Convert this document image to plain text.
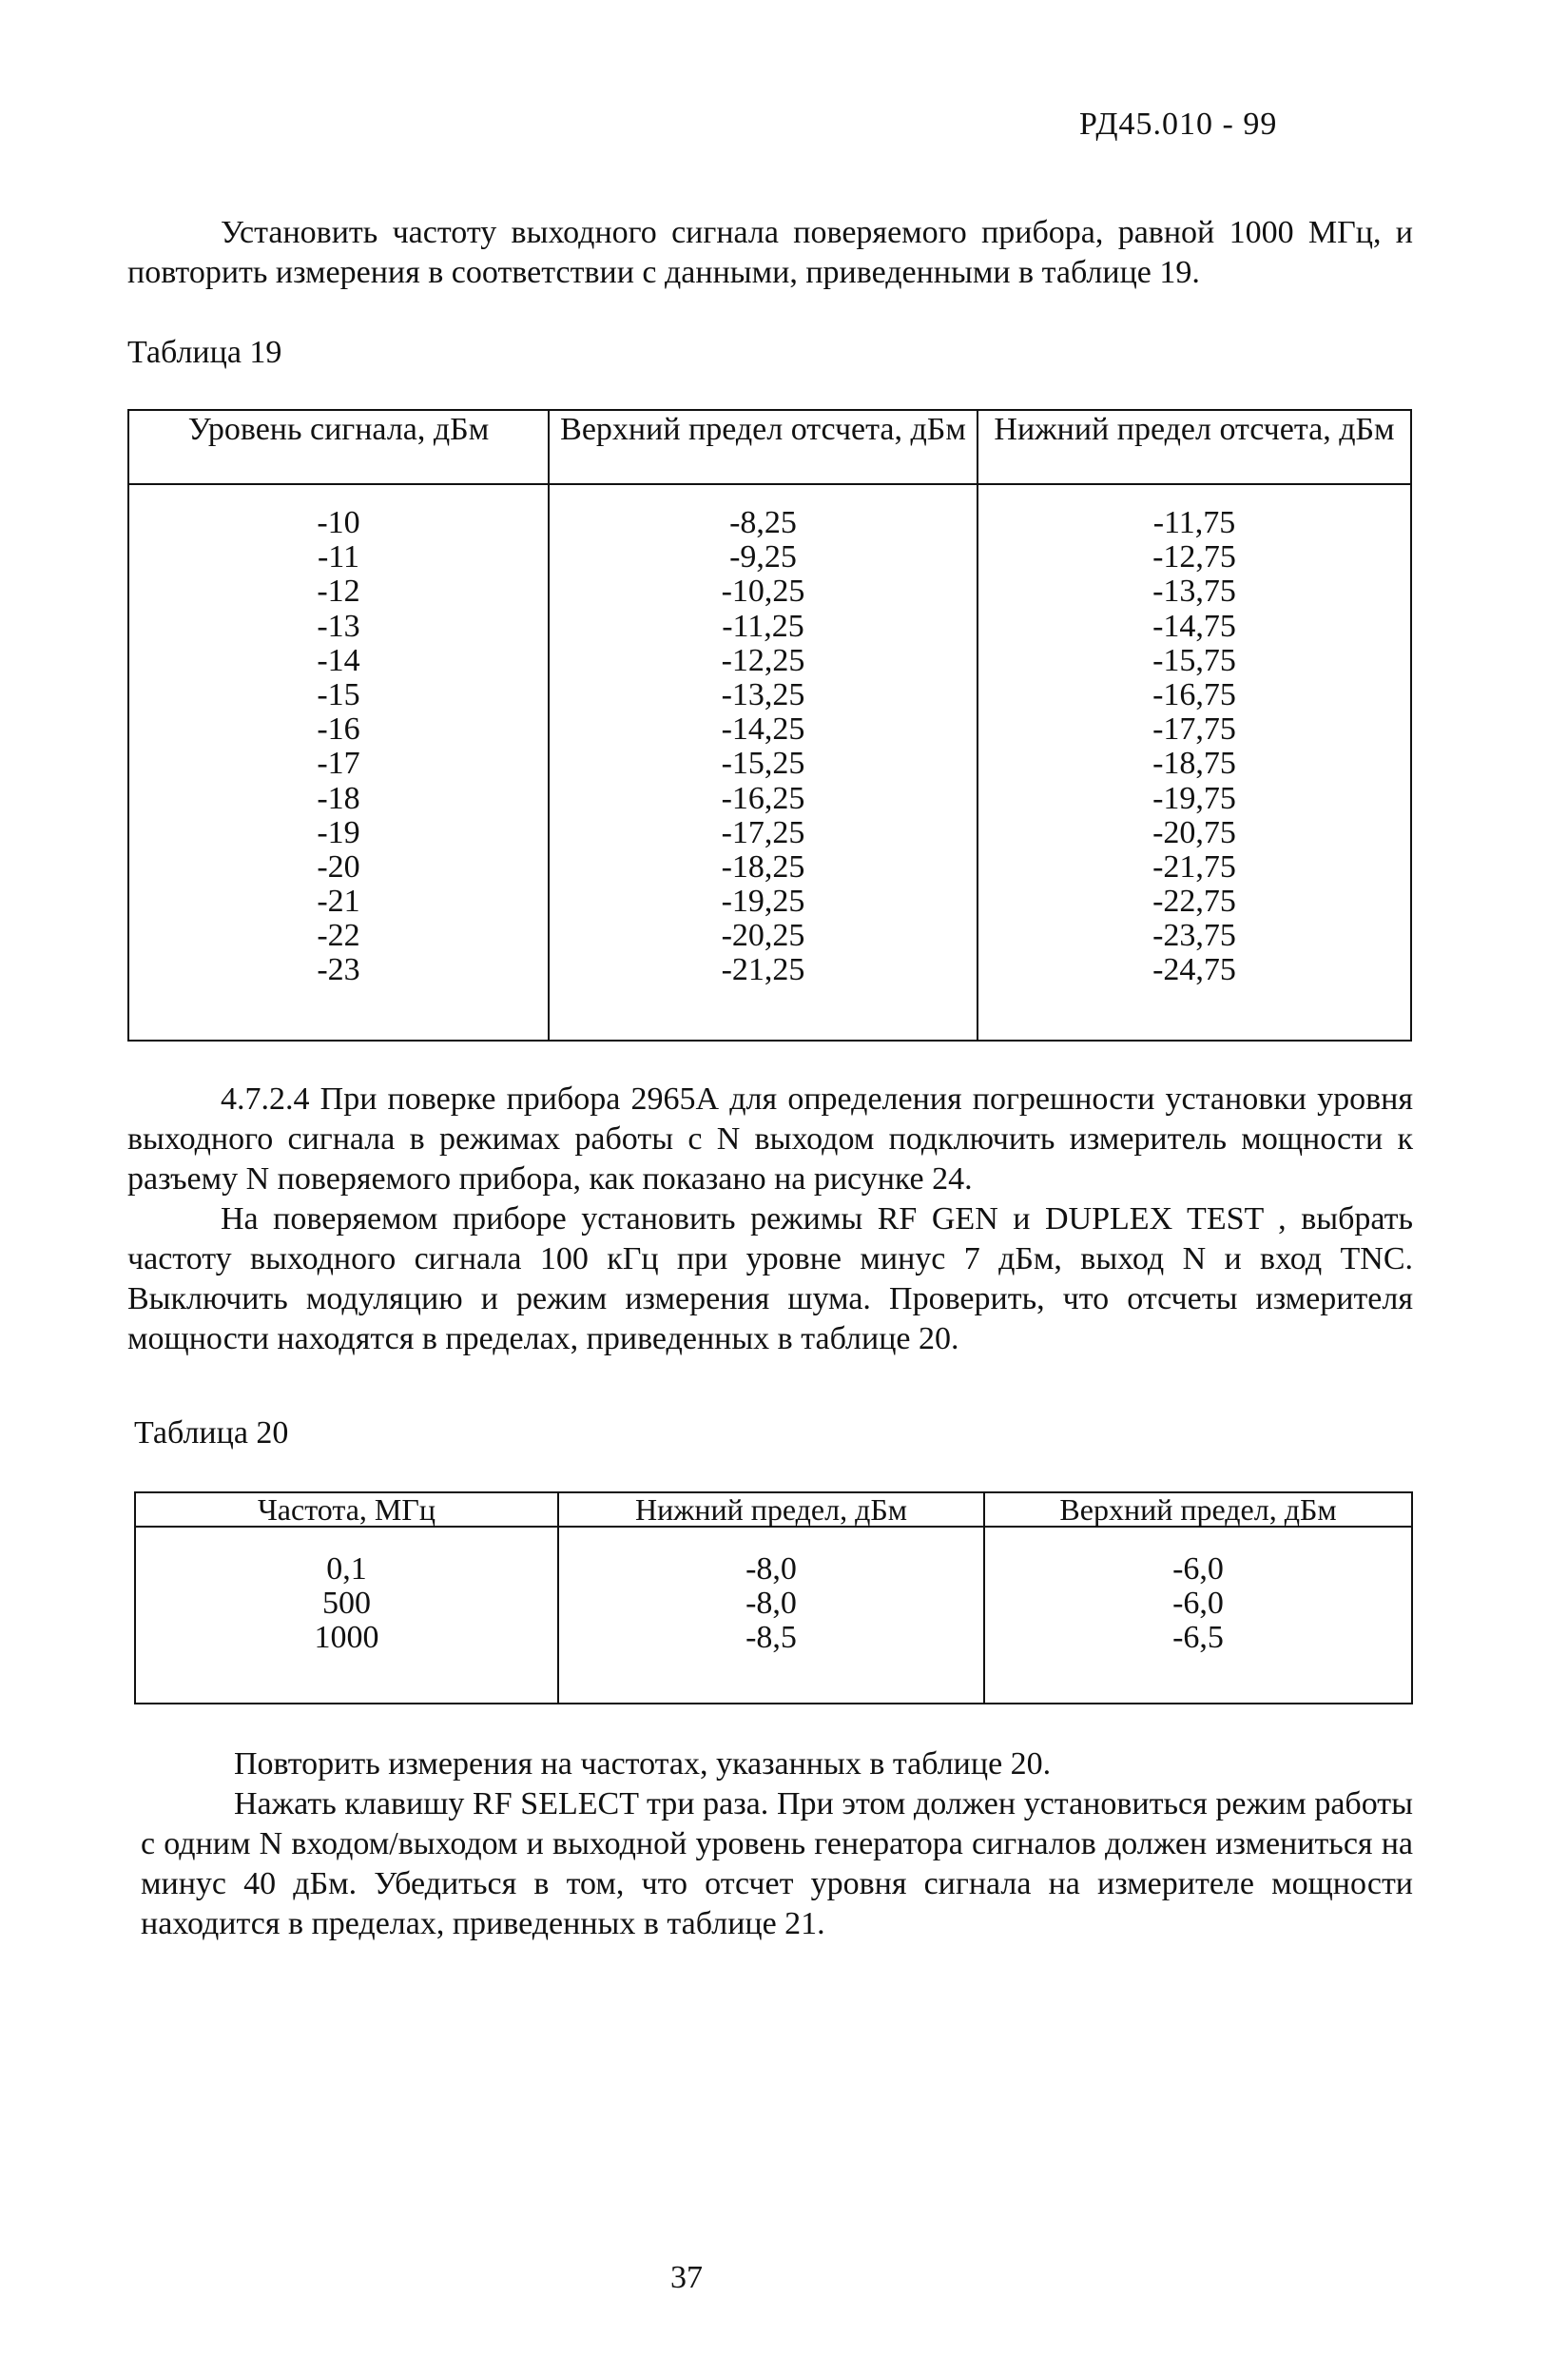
РД45.010 - 99

Установить частоту выходного сигнала поверяемого прибора, равной 1000 МГц, и повторить измерения в соответствии с данными, приведенными в таблице 19.

Таблица 19
Уровень сигнала, дБм
-10
-11
-12
-13
-14
-15
-16
-17
-18
-19
-20
-21
-22
-23
Верхний предел отсчета, дБм
-8,25
-9,25
-10,25
-11,25
-12,25
-13,25
-14,25
-15,25
-16,25
-17,25
-18,25
-19,25
-20,25
-21,25
Нижний предел отсчета, дБм
-11,75
-12,75
-13,75
-14,75
-15,75
-16,75
-17,75
-18,75
-19,75
-20,75
-21,75
-22,75
-23,75
-24,75

4.7.2.4 При поверке прибора 2965А для определения погрешности установки уровня выходного сигнала в режимах работы с N выходом подключить измеритель мощности к разъему N поверяемого прибора, как показано на рисунке 24.

На поверяемом приборе установить режимы RF GEN и DUPLEX TEST , выбрать частоту выходного сигнала 100 кГц при уровне минус 7 дБм, выход N и вход TNC. Выключить модуляцию и режим измерения шума. Проверить, что отсчеты измерителя мощности находятся в пределах, приведенных в таблице 20.

Таблица 20
Частота, МГц
0,1
500
1000
Нижний предел, дБм
-8,0
-8,0
-8,5
Верхний предел, дБм
-6,0
-6,0
-6,5

Повторить измерения на частотах, указанных в таблице 20.

Нажать клавишу RF SELECT три раза. При этом должен установиться режим работы с одним N входом/выходом и выходной уровень генератора сигналов должен измениться на минус 40 дБм. Убедиться в том, что отсчет уровня сигнала на измерителе мощности находится в пределах, приведенных в таблице 21.

37
